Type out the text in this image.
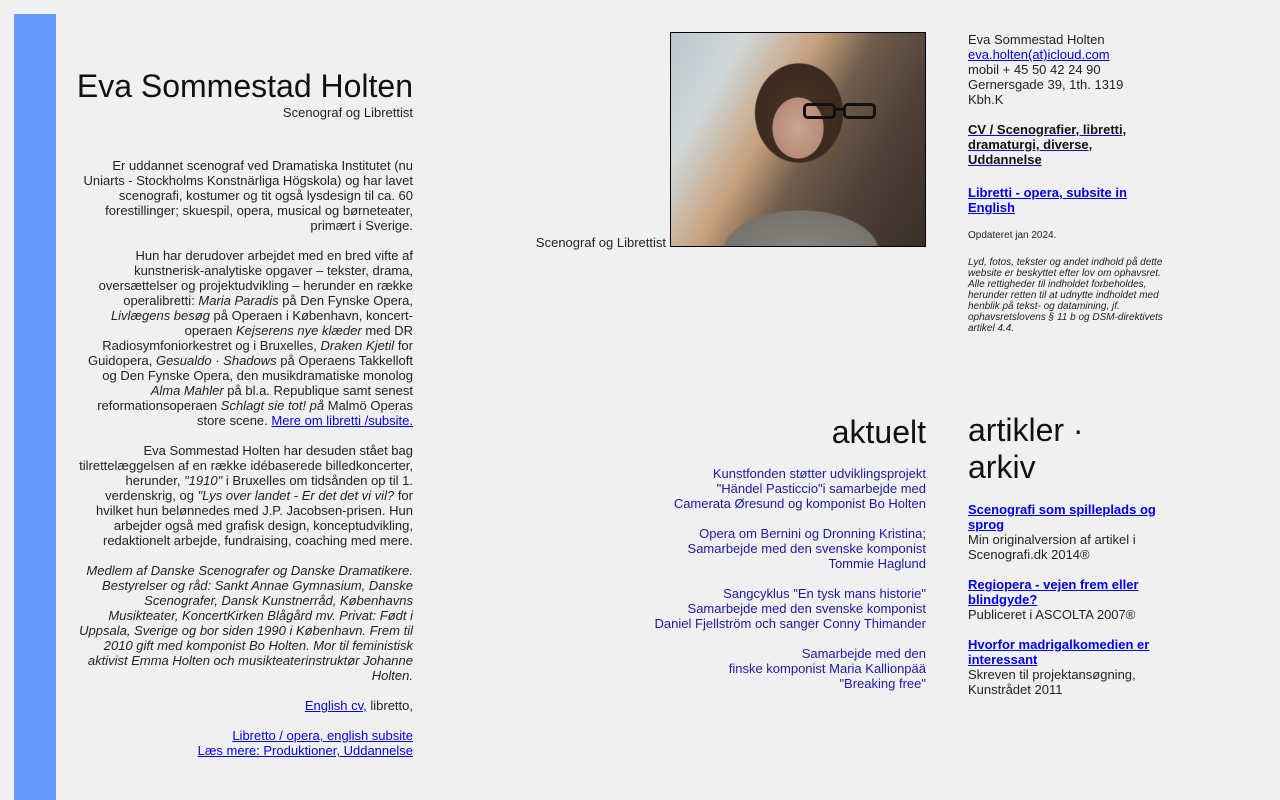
Eva Sommestad Holten

Scenograf og Librettist

Er uddannet scenograf ved Dramatiska Institutet (nu Uniarts - Stockholms Konstnärliga Högskola) og har lavet scenografi, kostumer og tit også lysdesign til ca. 60 forestillinger; skuespil, opera, musical og børneteater, primært i Sverige.

Hun har derudover arbejdet med en bred vifte af kunstnerisk-analytiske opgaver – tekster, drama, oversættelser og projektudvikling – herunder en række operalibretti: Maria Paradis på Den Fynske Opera, Livlægens besøg på Operaen i København, koncert-operaen Kejserens nye klæder med DR Radiosymfoniorkestret og i Bruxelles, Draken Kjetil for Guidopera, Gesualdo · Shadows på Operaens Takkelloft og Den Fynske Opera, den musikdramatiske monolog Alma Mahler på bl.a. Republique samt senest reformationsoperaen Schlagt sie tot! på Malmö Operas store scene. Mere om libretti /subsite.

Eva Sommestad Holten har desuden stået bag tilrettelæggelsen af en række idébaserede billedkoncerter, herunder, "1910" i Bruxelles om tidsånden op til 1. verdenskrig, og "Lys over landet - Er det det vi vil? for hvilket hun belønnedes med J.P. Jacobsen-prisen. Hun arbejder også med grafisk design, konceptudvikling, redaktionelt arbejde, fundraising, coaching med mere.

Medlem af Danske Scenografer og Danske Dramatikere. Bestyrelser og råd: Sankt Annae Gymnasium, Danske Scenografer, Dansk Kunstnerråd, Københavns Musikteater, KoncertKirken Blågård mv. Privat: Født i Uppsala, Sverige og bor siden 1990 i København. Frem til 2010 gift med komponist Bo Holten. Mor til feministisk aktivist Emma Holten och musikteaterinstruktør Johanne Holten.

English cv, libretto,

Libretto / opera, english subsite
Læs mere: Produktioner, Uddannelse

Scenograf og Librettist

Eva Sommestad Holten

eva.holten(at)icloud.com

mobil + 45 50 42 24 90

Gernersgade 39, 1th. 1319

Kbh.K

CV / Scenografier, libretti, dramaturgi, diverse, Uddannelse

Libretti - opera, subsite in English

Opdateret jan 2024.

Lyd, fotos, tekster og andet indhold på dette website er beskyttet efter lov om ophavsret. Alle rettigheder til indholdet forbeholdes, herunder retten til at udnytte indholdet med henblik på tekst- og datamining, jf. ophavsretslovens § 11 b og DSM-direktivets artikel 4.4.

aktuelt
Kunstfonden støtter udviklingsprojekt
"Händel Pasticcio"i samarbejde med
Camerata Øresund og komponist Bo Holten
Opera om Bernini og Dronning Kristina;
Samarbejde med den svenske komponist
Tommie Haglund
Sangcyklus "En tysk mans historie"
Samarbejde med den svenske komponist
Daniel Fjellström och sanger Conny Thimander
Samarbejde med den
finske komponist Maria Kallionpää
"Breaking free"
artikler ·
arkiv
Scenografi som spilleplads og sprog
Min originalversion af artikel i Scenografi.dk 2014®
Regiopera - vejen frem eller blindgyde?
Publiceret i ASCOLTA 2007®
Hvorfor madrigalkomedien er interessant
Skreven til projektansøgning, Kunstrådet 2011
